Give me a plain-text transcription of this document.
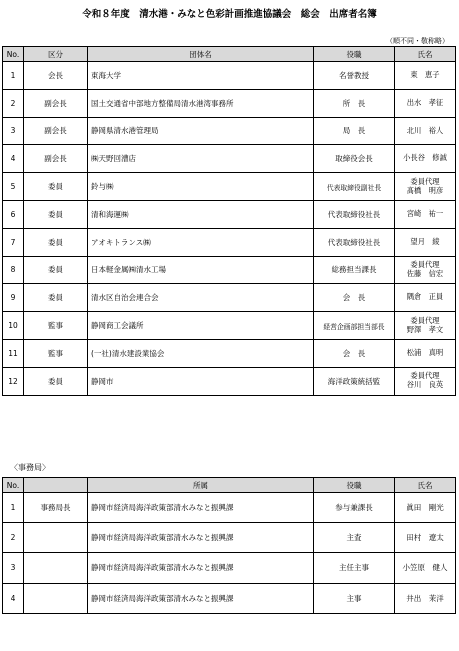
令和８年度　清水港・みなと色彩計画推進協議会　総会　出席者名簿
（順不同・敬称略）
No.	区分	団体名	役職	氏名
1	会長	東海大学	名誉教授	東　恵子

2	副会長	国土交通省中部地方整備局清水港湾事務所	所　長	出水　孝征

3	副会長	静岡県清水港管理局	局　長	北川　裕人

4	副会長	㈱天野回漕店	取締役会長	小長谷　修誠

5	委員	鈴与㈱	代表取締役副社長	委員代理
髙橋　明彦

6	委員	清和海運㈱	代表取締役社長	宮崎　祐一

7	委員	アオキトランス㈱	代表取締役社長	望月　綾

8	委員	日本軽金属㈱清水工場	総務担当課長	委員代理
佐藤　信宏

9	委員	清水区自治会連合会	会　長	隅倉　正員

10	監事	静岡商工会議所	経営企画部担当部長	委員代理
野澤　孝文

11	監事	(一社)清水建設業協会	会　長	松浦　真明

12	委員	静岡市	海洋政策統括監	委員代理
谷川　良英
〈事務局〉
No.		所属	役職	氏名
1	事務局長	静岡市経済局海洋政策部清水みなと振興課	参与兼課長	眞田　剛光
2		静岡市経済局海洋政策部清水みなと振興課	主査	田村　遼太
3		静岡市経済局海洋政策部清水みなと振興課	主任主事	小笠原　健人
4		静岡市経済局海洋政策部清水みなと振興課	主事	井出　茉洋
